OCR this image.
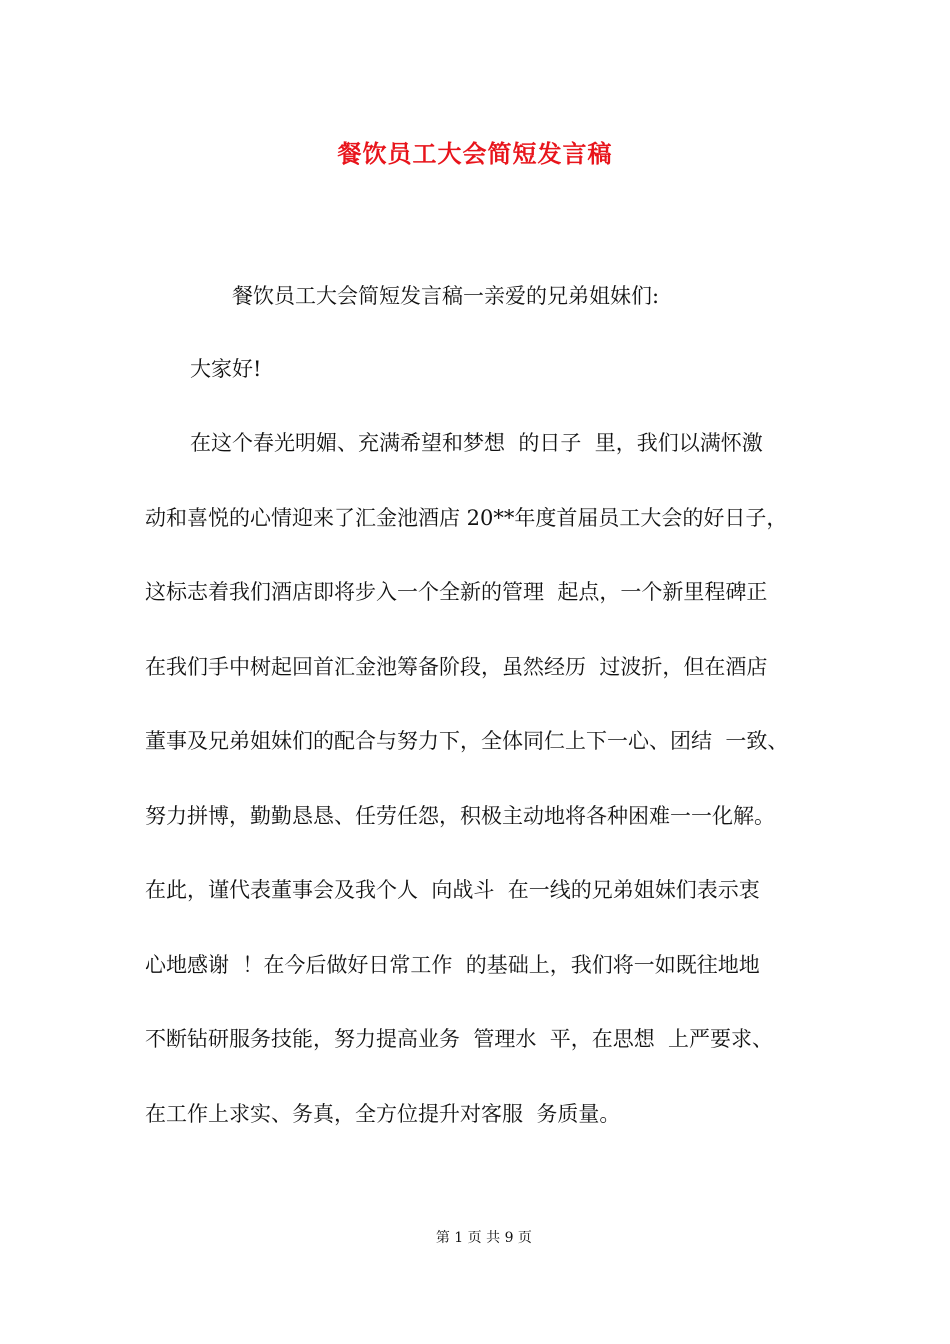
餐饮员工大会简短发言稿
餐饮员工大会简短发言稿一亲爱的兄弟姐妹们:
大家好!
在这个春光明媚、充满希望和梦想  的日子  里，我们以满怀激
动和喜悦的心情迎来了汇金池酒店 20**年度首届员工大会的好日子，
这标志着我们酒店即将步入一个全新的管理  起点，一个新里程碑正
在我们手中树起回首汇金池筹备阶段，虽然经历  过波折，但在酒店
董事及兄弟姐妹们的配合与努力下，全体同仁上下一心、团结  一致、
努力拼博，勤勤恳恳、任劳任怨，积极主动地将各种困难一一化解。
在此，谨代表董事会及我个人  向战斗  在一线的兄弟姐妹们表示衷
心地感谢  ！在今后做好日常工作  的基础上，我们将一如既往地地
不断钻研服务技能，努力提高业务  管理水  平，在思想  上严要求、
在工作上求实、务真，全方位提升对客服  务质量。

第 1 页 共 9 页
